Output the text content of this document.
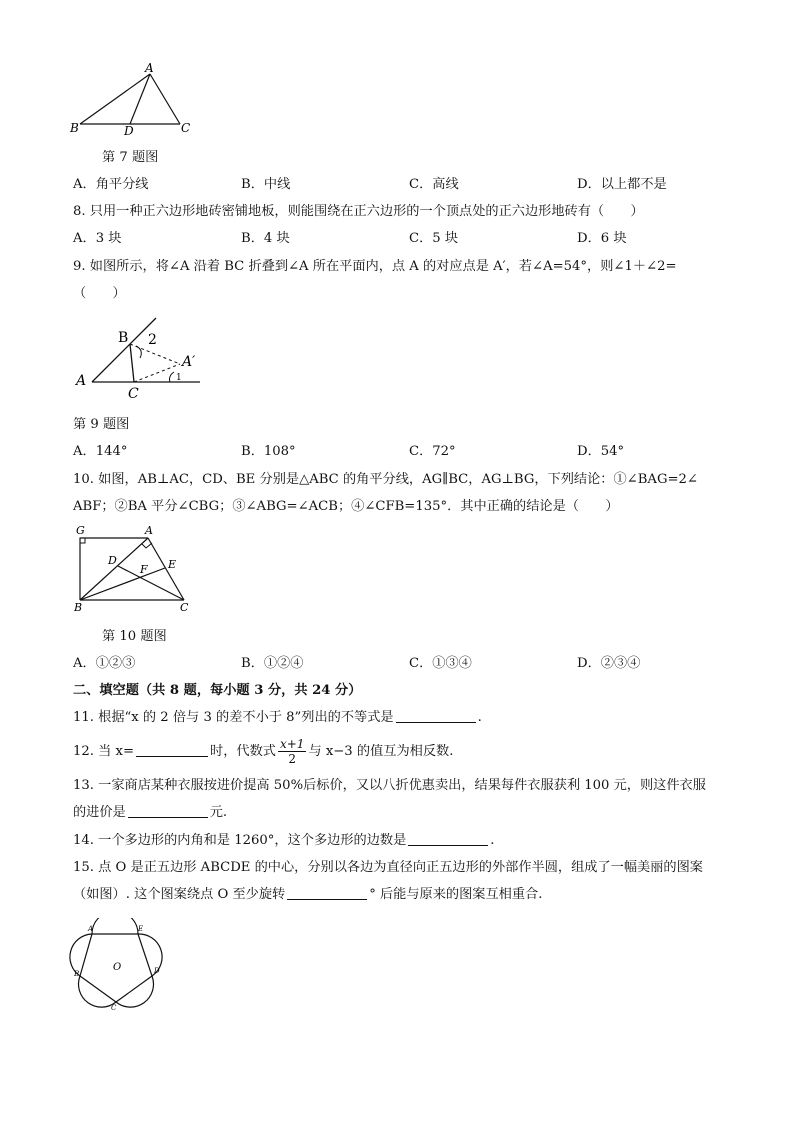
A
B	D	C
第 7 题图
A．角平分线	B．中线	C．高线	D．以上都不是
8. 只用一种正六边形地砖密铺地板，则能围绕在正六边形的一个顶点处的正六边形地砖有（　　）
A．3 块	B．4 块	C．5 块	D．6 块
9. 如图所示，将∠A 沿着 BC 折叠到∠A 所在平面内，点 A 的对应点是 A′，若∠A=54°，则∠1＋∠2=
（　　）
B 2
A′
1
A
C
第 9 题图
A．144°	B．108°	C．72°	D．54°
10. 如图，AB⊥AC，CD、BE 分别是△ABC 的角平分线，AG∥BC，AG⊥BG，下列结论：①∠BAG=2∠
ABF；②BA 平分∠CBG；③∠ABG=∠ACB；④∠CFB=135°．其中正确的结论是（　　）
G	A
D	E
F
B	C
第 10 题图
A．①②③	B．①②④	C．①③④	D．②③④
二、填空题（共 8 题，每小题 3 分，共 24 分）
11. 根据“x 的 2 倍与 3 的差不小于 8”列出的不等式是	.
12. 当 x=	时，代数式 $\frac{x+1}{2}$ 与 x−3 的值互为相反数.
13. 一家商店某种衣服按进价提高 50%后标价，又以八折优惠卖出，结果每件衣服获利 100 元，则这件衣服
的进价是	元.
14. 一个多边形的内角和是 1260°，这个多边形的边数是	.
15. 点 O 是正五边形 ABCDE 的中心，分别以各边为直径向正五边形的外部作半圆，组成了一幅美丽的图案
（如图）. 这个图案绕点 O 至少旋转	° 后能与原来的图案互相重合.
A	E
B	D
C
O
